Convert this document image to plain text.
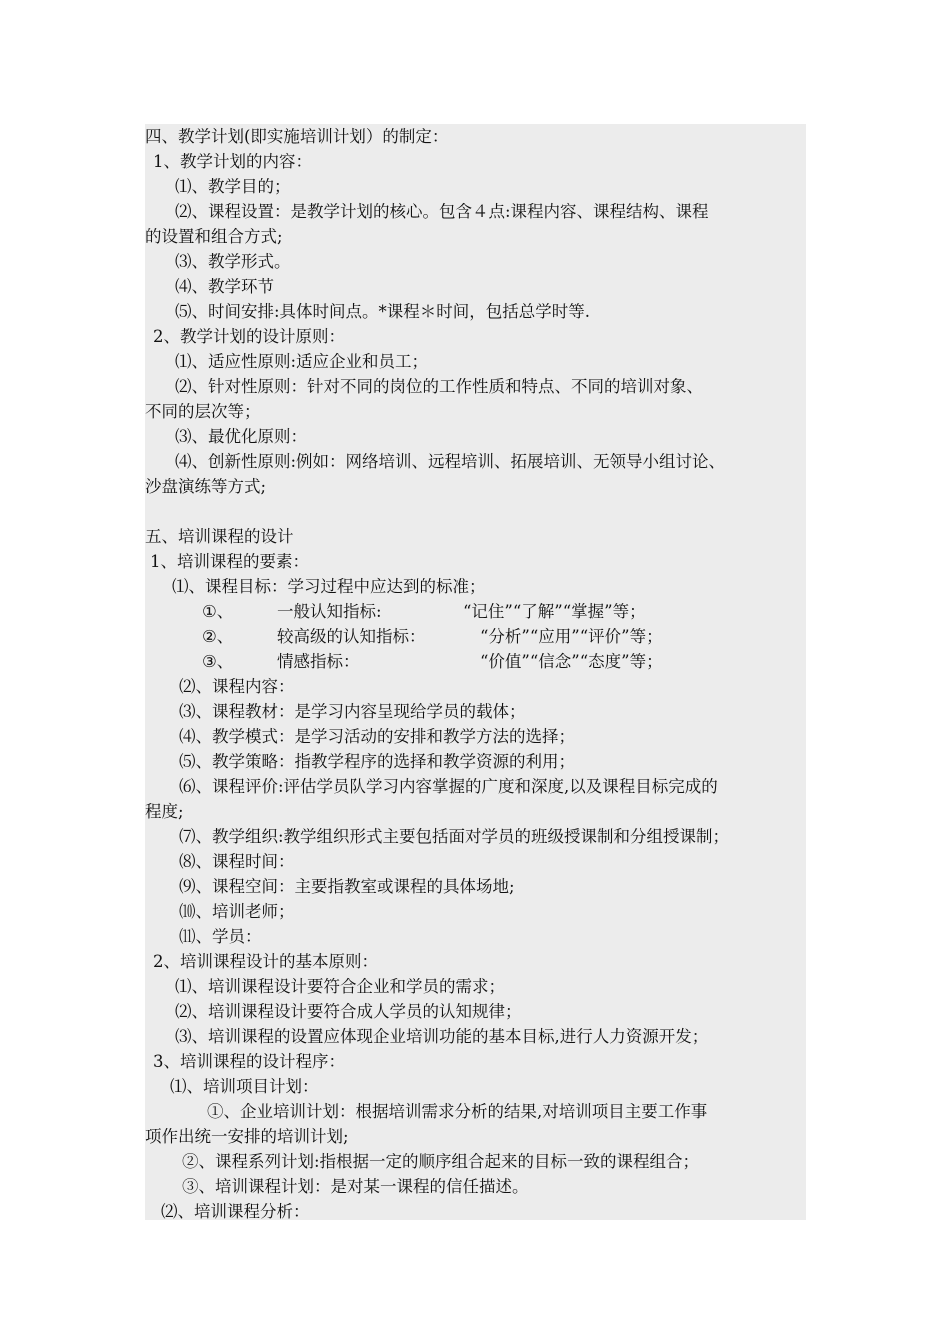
四、教学计划(即实施培训计划）的制定：
1、教学计划的内容：
⑴、教学目的；
⑵、课程设置：是教学计划的核心。包含４点:课程内容、课程结构、课程
的设置和组合方式;
⑶、教学形式。
⑷、教学环节
⑸、时间安排:具体时间点。*课程＊时间，包括总学时等.
2、教学计划的设计原则：
⑴、适应性原则:适应企业和员工；
⑵、针对性原则：针对不同的岗位的工作性质和特点、不同的培训对象、
不同的层次等；
⑶、最优化原则：
⑷、创新性原则:例如：网络培训、远程培训、拓展培训、无领导小组讨论、
沙盘演练等方式;
五、培训课程的设计
1、培训课程的要素：
⑴、课程目标：学习过程中应达到的标准；
①、	一般认知指标:	“记住”“了解”“掌握”等；
②、	较高级的认知指标：	“分析”“应用”“评价”等；
③、	情感指标：	“价值”“信念”“态度”等；
⑵、课程内容：
⑶、课程教材：是学习内容呈现给学员的载体；
⑷、教学模式：是学习活动的安排和教学方法的选择；
⑸、教学策略：指教学程序的选择和教学资源的利用；
⑹、课程评价:评估学员队学习内容掌握的广度和深度,以及课程目标完成的
程度;
⑺、教学组织:教学组织形式主要包括面对学员的班级授课制和分组授课制；
⑻、课程时间：
⑼、课程空间：主要指教室或课程的具体场地;
⑽、培训老师；
⑾、学员：
2、培训课程设计的基本原则：
⑴、培训课程设计要符合企业和学员的需求；
⑵、培训课程设计要符合成人学员的认知规律；
⑶、培训课程的设置应体现企业培训功能的基本目标,进行人力资源开发；
3、培训课程的设计程序：
⑴、培训项目计划：
①、企业培训计划：根据培训需求分析的结果,对培训项目主要工作事
项作出统一安排的培训计划;
②、课程系列计划:指根据一定的顺序组合起来的目标一致的课程组合；
③、培训课程计划：是对某一课程的信任描述。
⑵、培训课程分析：
